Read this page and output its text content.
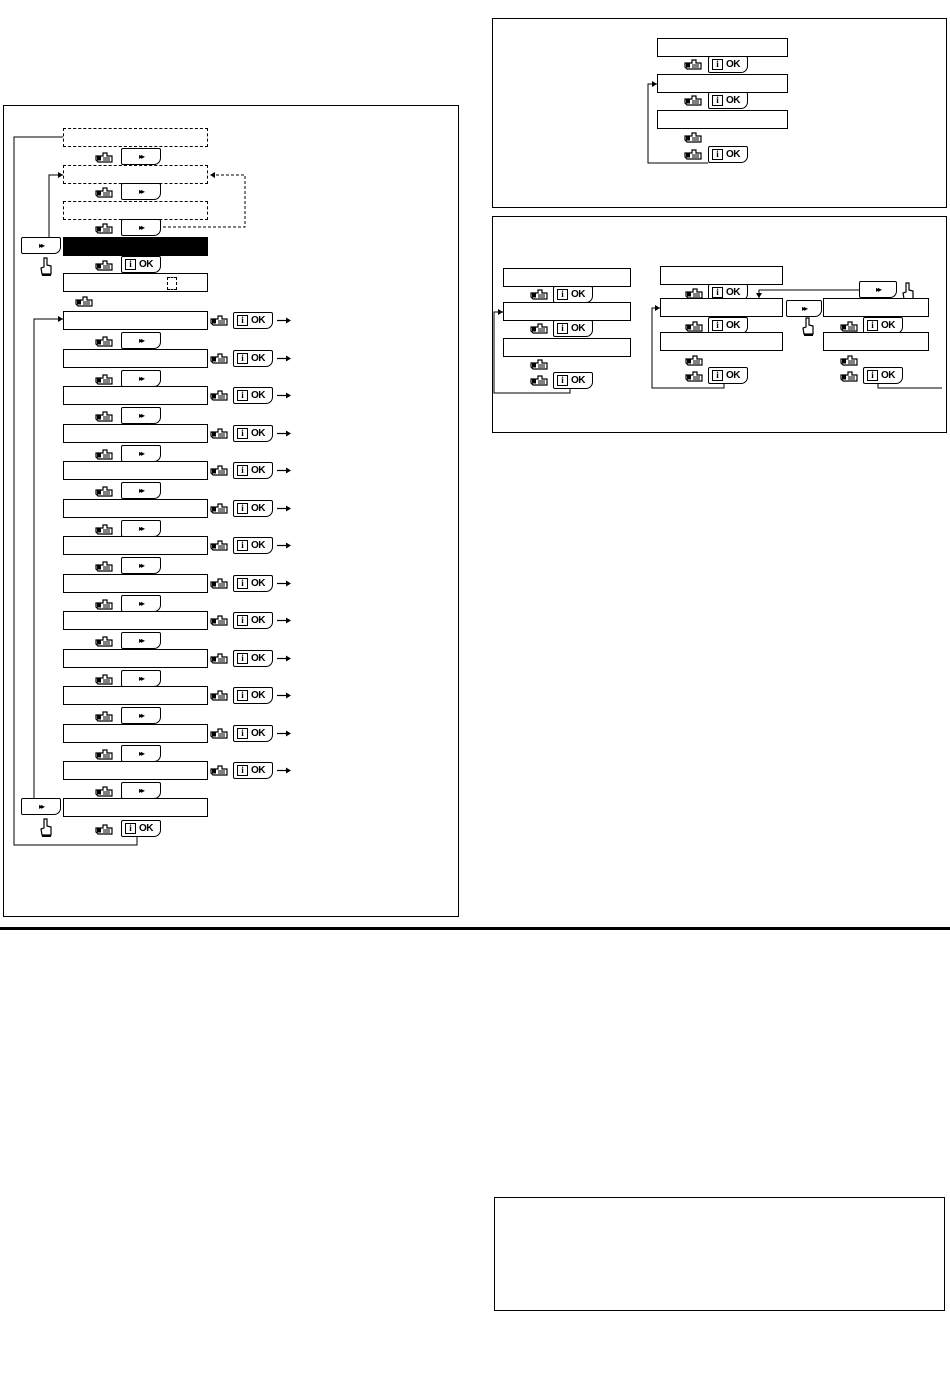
▸▸
▸▸
▸▸
▸▸
i OK
i OK
▸▸
i OK
▸▸
i OK
▸▸
i OK
▸▸
i OK
▸▸
i OK
▸▸
i OK
▸▸
i OK
▸▸
i OK
▸▸
i OK
▸▸
i OK
▸▸
i OK
▸▸
i OK
▸▸
▸▸
i OK
i OK
i OK
i OK
i OK
i OK
i OK
i OK
i OK
i OK
▸▸
▸▸
i OK
i OK
